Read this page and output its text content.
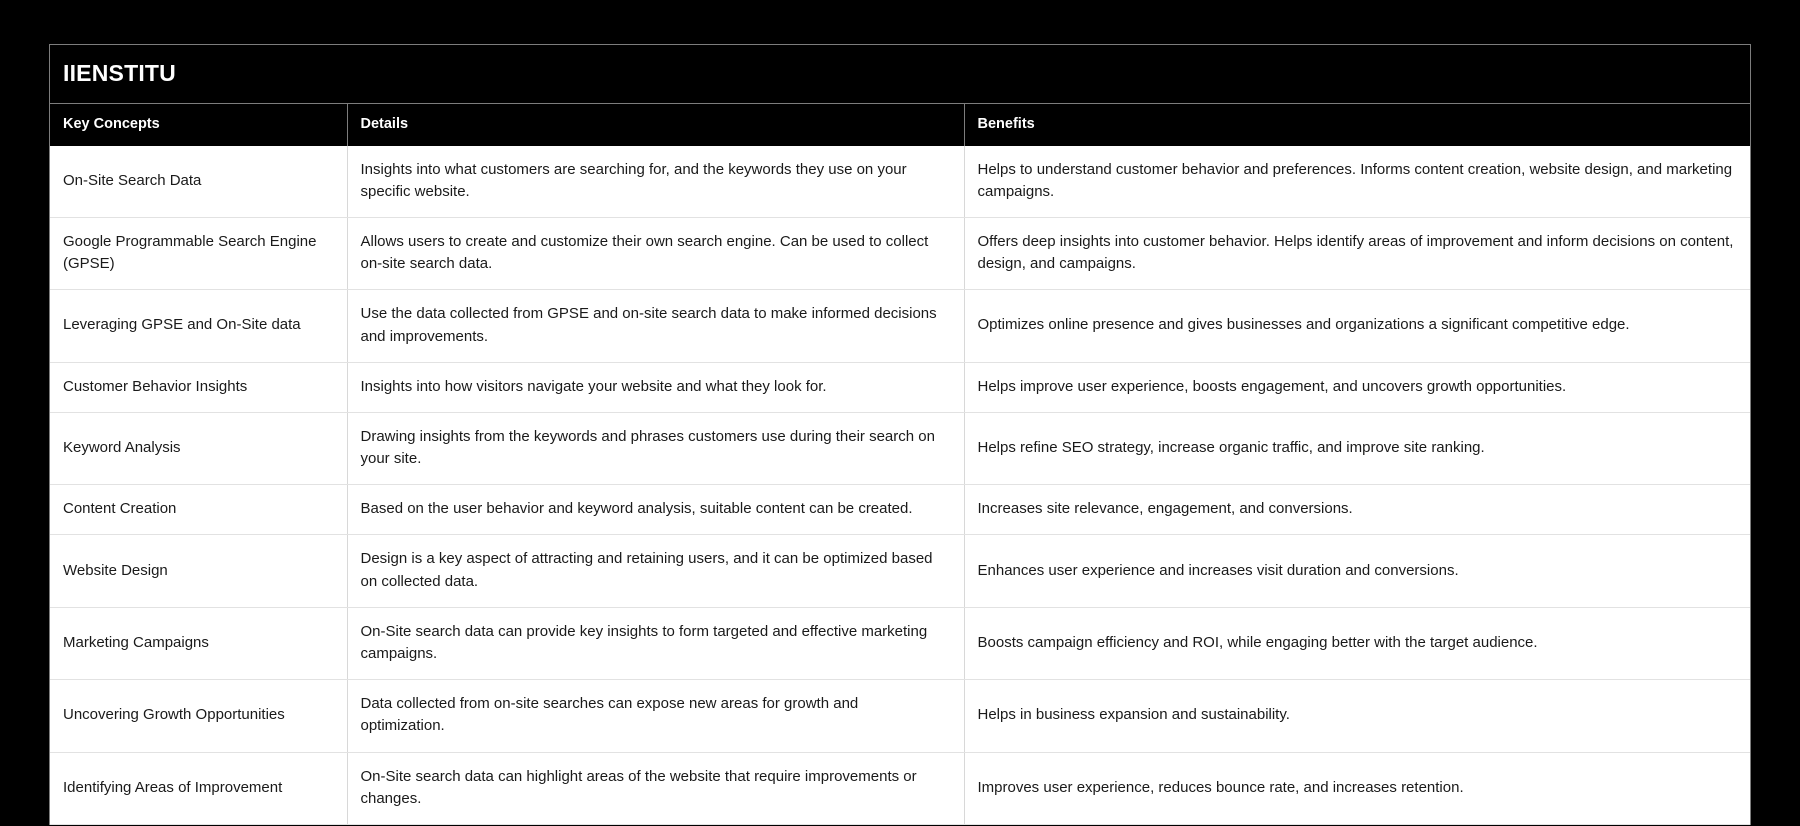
IIENSTITU
Key Concepts	Details	Benefits
On-Site Search Data	Insights into what customers are searching for, and the keywords they use on your specific website.	Helps to understand customer behavior and preferences. Informs content creation, website design, and marketing campaigns.
Google Programmable Search Engine (GPSE)	Allows users to create and customize their own search engine. Can be used to collect on-site search data.	Offers deep insights into customer behavior. Helps identify areas of improvement and inform decisions on content, design, and campaigns.
Leveraging GPSE and On-Site data	Use the data collected from GPSE and on-site search data to make informed decisions and improvements.	Optimizes online presence and gives businesses and organizations a significant competitive edge.
Customer Behavior Insights	Insights into how visitors navigate your website and what they look for.	Helps improve user experience, boosts engagement, and uncovers growth opportunities.
Keyword Analysis	Drawing insights from the keywords and phrases customers use during their search on your site.	Helps refine SEO strategy, increase organic traffic, and improve site ranking.
Content Creation	Based on the user behavior and keyword analysis, suitable content can be created.	Increases site relevance, engagement, and conversions.
Website Design	Design is a key aspect of attracting and retaining users, and it can be optimized based on collected data.	Enhances user experience and increases visit duration and conversions.
Marketing Campaigns	On-Site search data can provide key insights to form targeted and effective marketing campaigns.	Boosts campaign efficiency and ROI, while engaging better with the target audience.
Uncovering Growth Opportunities	Data collected from on-site searches can expose new areas for growth and optimization.	Helps in business expansion and sustainability.
Identifying Areas of Improvement	On-Site search data can highlight areas of the website that require improvements or changes.	Improves user experience, reduces bounce rate, and increases retention.
